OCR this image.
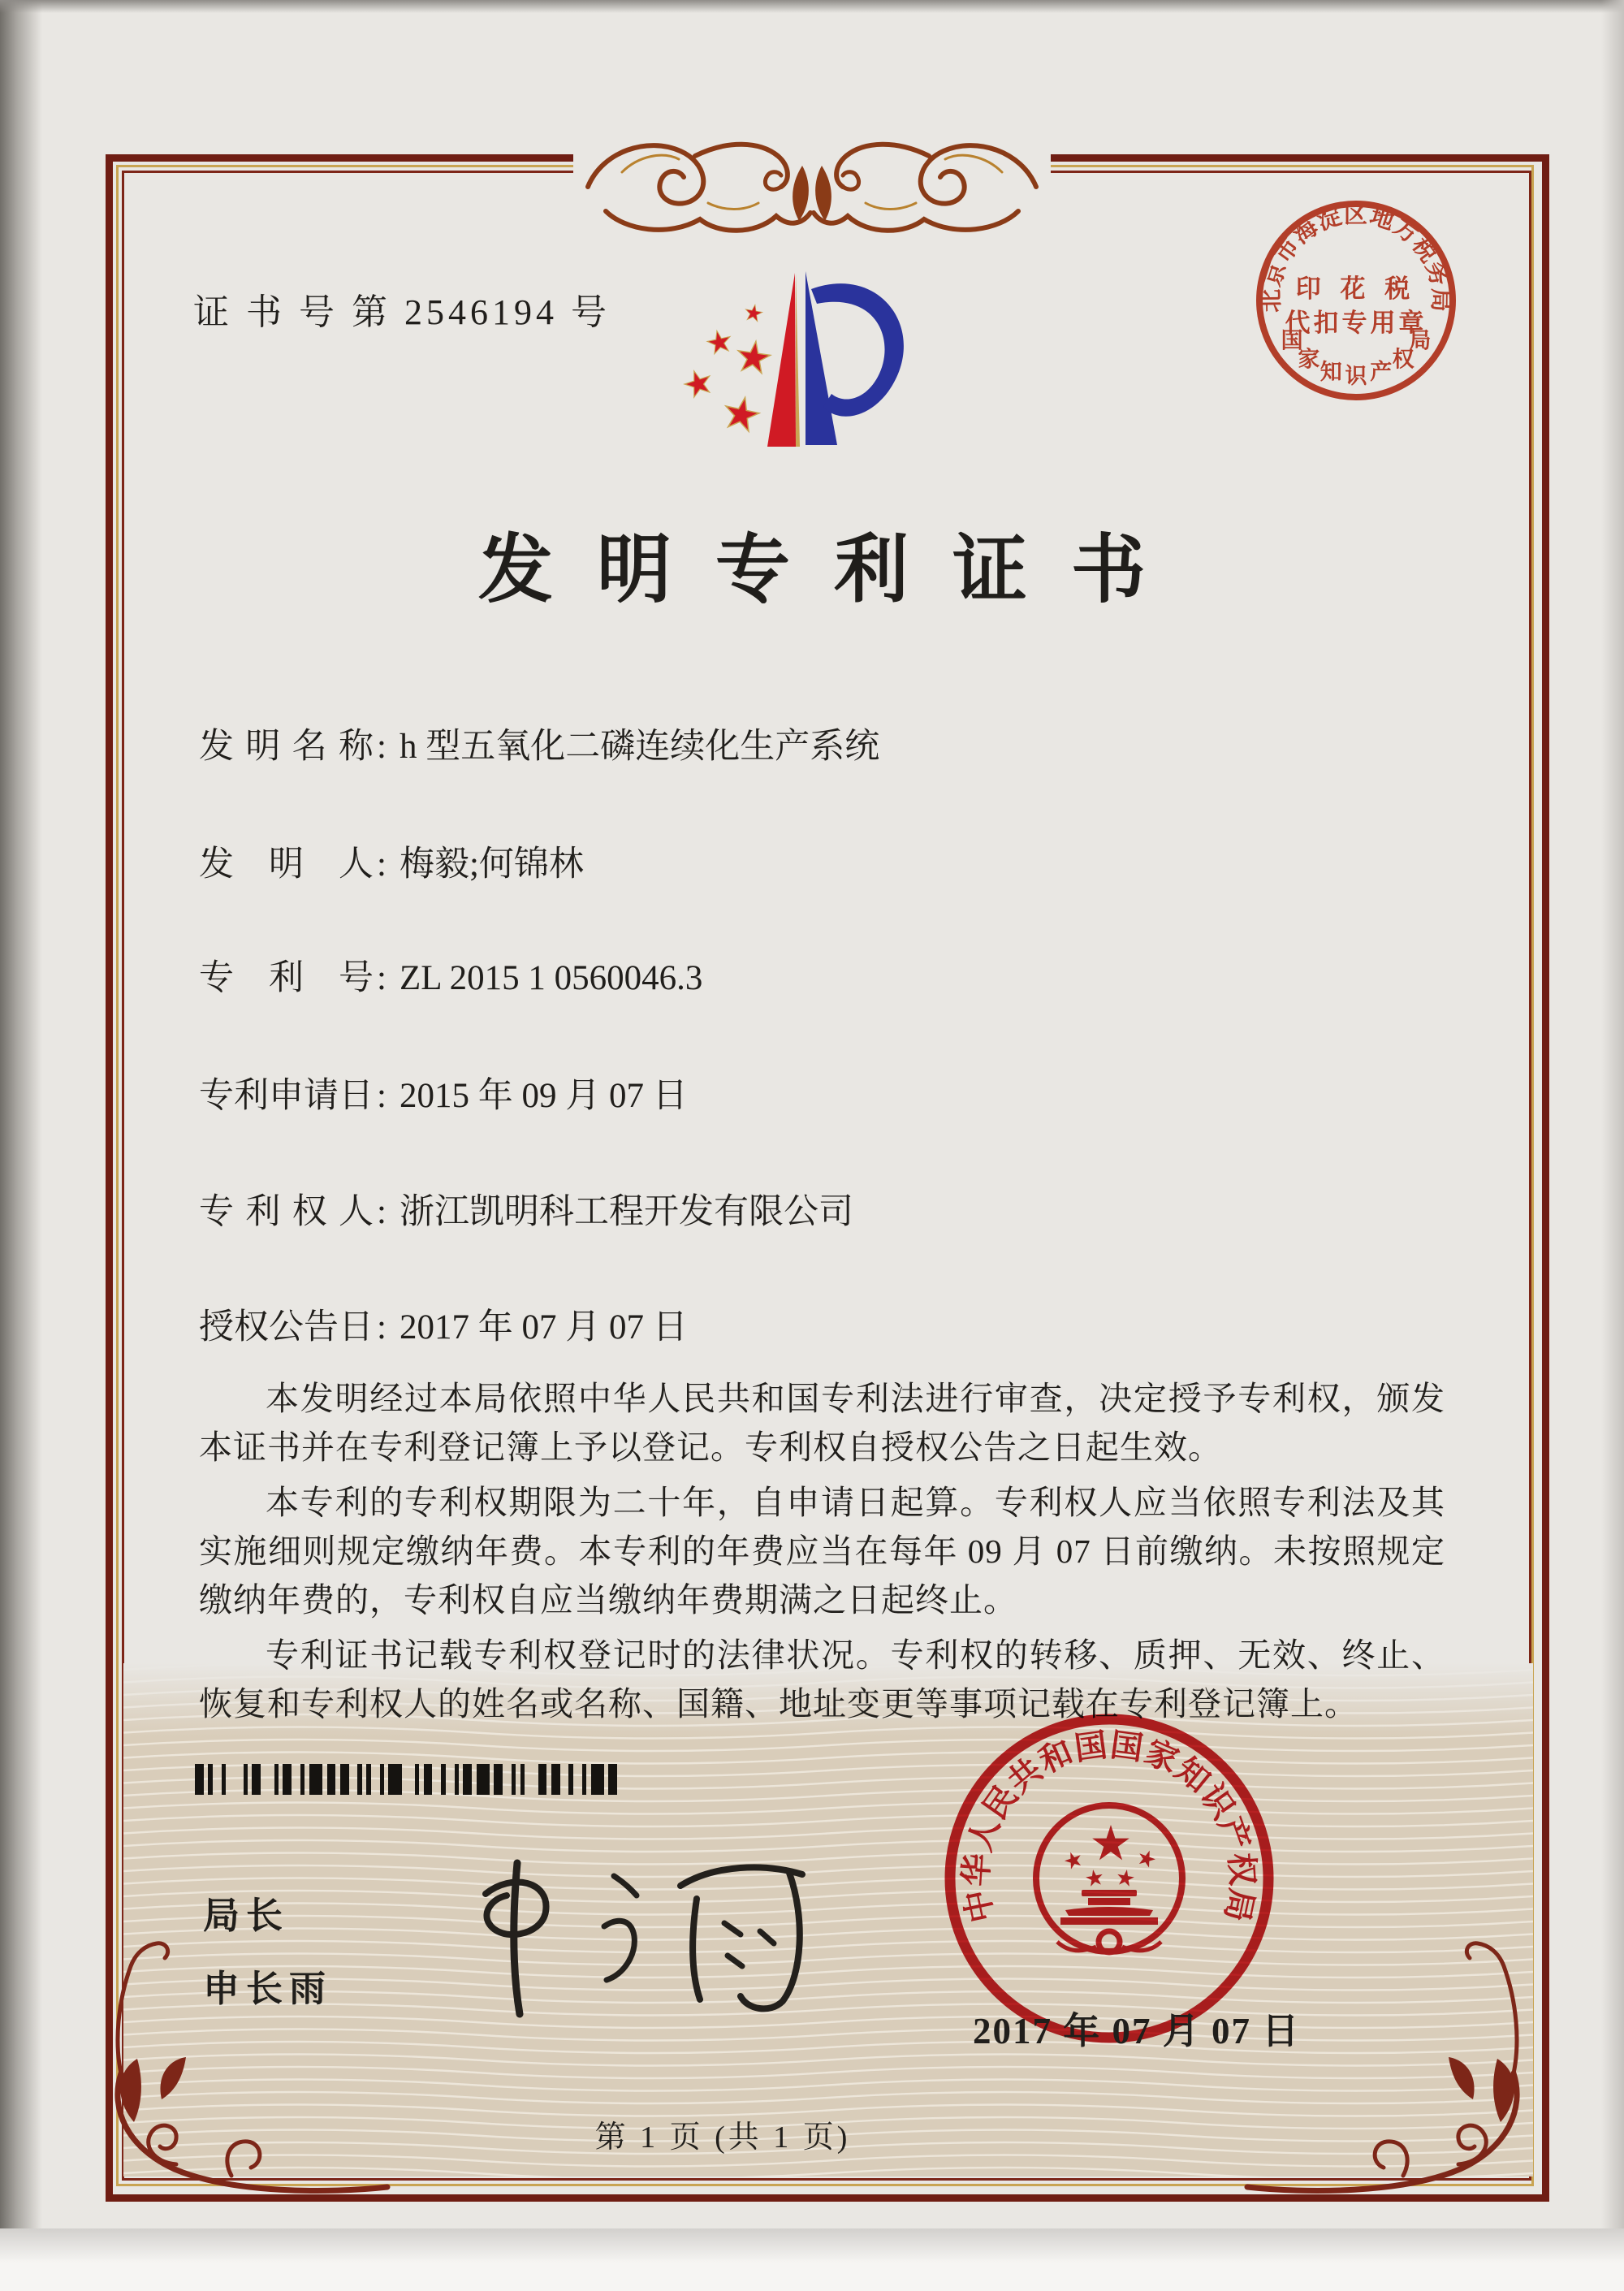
证 书 号 第 2546194 号	北京市海淀区地方税务局
印 花 税
代扣专用章
国
家
知 识 产
权
局
发明专利证书
发明名称: h 型五氧化二磷连续化生产系统
发明人: 梅毅;何锦林
专利号: ZL 2015 1 0560046.3
专利申请日: 2015 年 09 月 07 日
专利权人: 浙江凯明科工程开发有限公司
授权公告日: 2017 年 07 月 07 日

本发明经过本局依照中华人民共和国专利法进行审查，决定授予专利权，颁发本证书并在专利登记簿上予以登记。专利权自授权公告之日起生效。

本专利的专利权期限为二十年，自申请日起算。专利权人应当依照专利法及其实施细则规定缴纳年费。本专利的年费应当在每年 09 月 07 日前缴纳。未按照规定缴纳年费的，专利权自应当缴纳年费期满之日起终止。

专利证书记载专利权登记时的法律状况。专利权的转移、质押、无效、终止、恢复和专利权人的姓名或名称、国籍、地址变更等事项记载在专利登记簿上。

局长
申长雨
中华人民共和国国家知识产权局
2017 年 07 月 07 日
第 1 页 (共 1 页)
